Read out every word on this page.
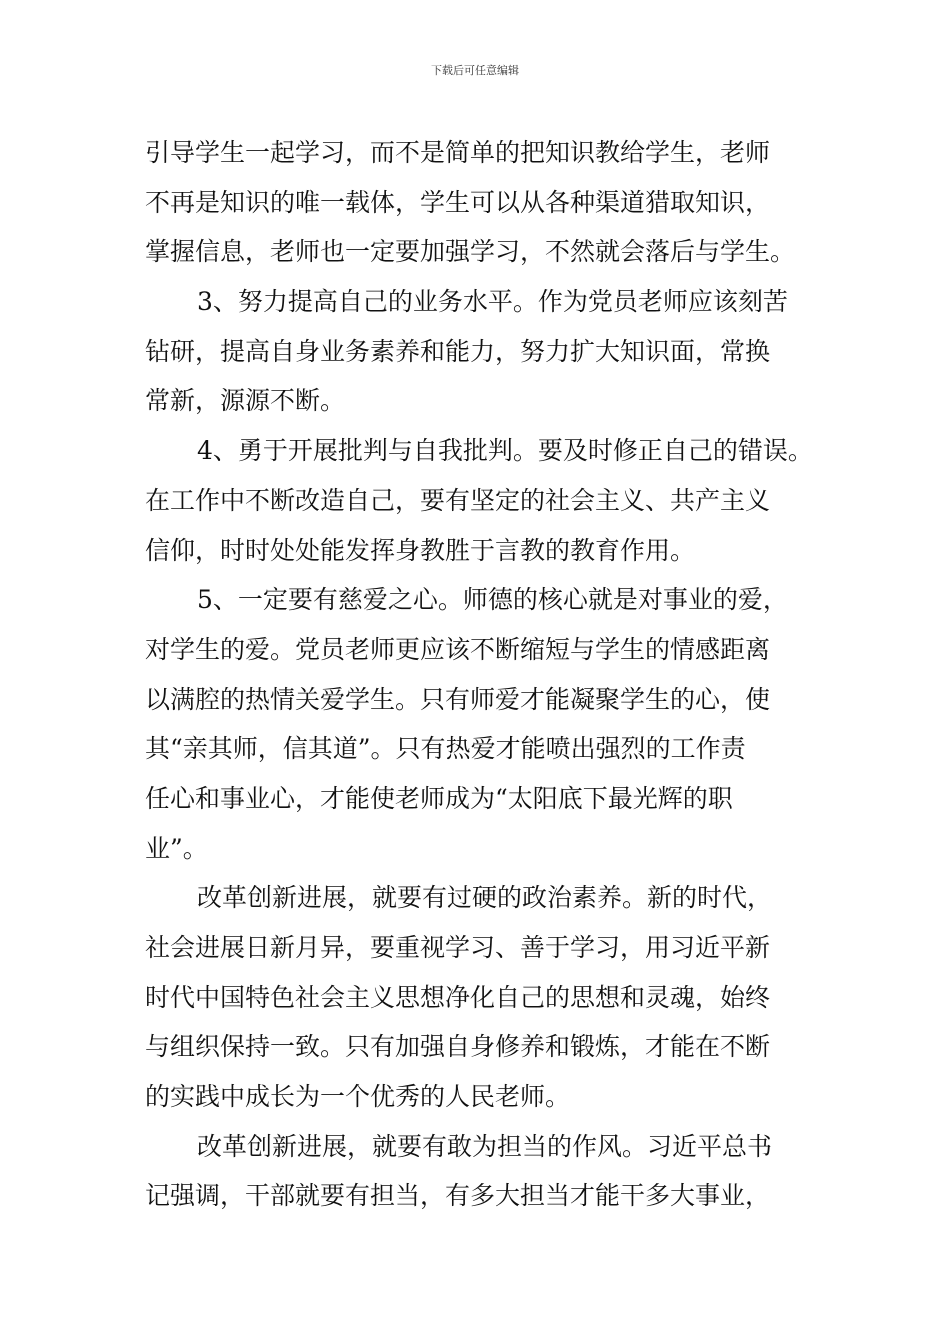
下载后可任意编辑
引导学生一起学习，而不是简单的把知识教给学生，老师
不再是知识的唯一载体，学生可以从各种渠道猎取知识，
掌握信息，老师也一定要加强学习，不然就会落后与学生。
3、努力提高自己的业务水平。作为党员老师应该刻苦
钻研，提高自身业务素养和能力，努力扩大知识面，常换
常新，源源不断。
4、勇于开展批判与自我批判。要及时修正自己的错误。
在工作中不断改造自己，要有坚定的社会主义、共产主义
信仰，时时处处能发挥身教胜于言教的教育作用。
5、一定要有慈爱之心。师德的核心就是对事业的爱，
对学生的爱。党员老师更应该不断缩短与学生的情感距离
以满腔的热情关爱学生。只有师爱才能凝聚学生的心，使
其“亲其师，信其道”。只有热爱才能喷出强烈的工作责
任心和事业心，才能使老师成为“太阳底下最光辉的职
业”。
改革创新进展，就要有过硬的政治素养。新的时代，
社会进展日新月异，要重视学习、善于学习，用习近平新
时代中国特色社会主义思想净化自己的思想和灵魂，始终
与组织保持一致。只有加强自身修养和锻炼，才能在不断
的实践中成长为一个优秀的人民老师。
改革创新进展，就要有敢为担当的作风。习近平总书
记强调，干部就要有担当，有多大担当才能干多大事业，
